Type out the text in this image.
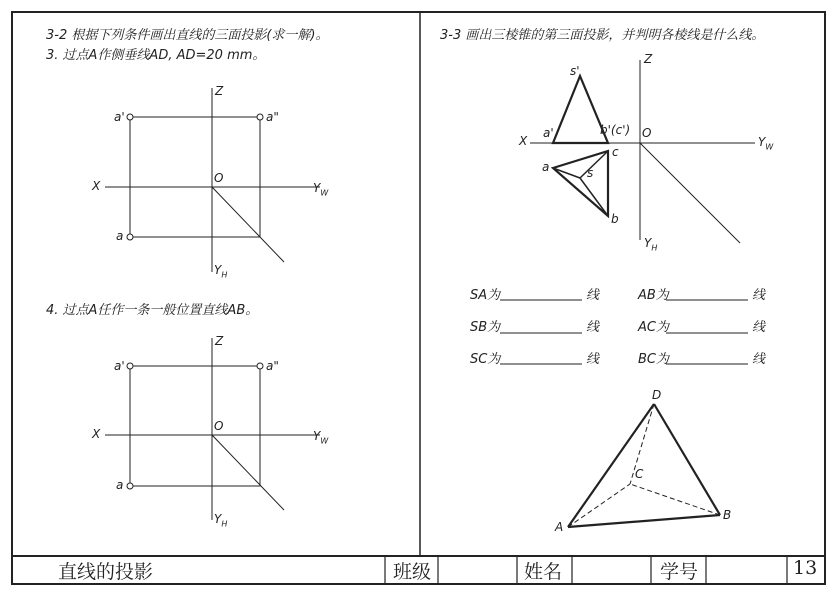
3-2 根据下列条件画出直线的三面投影(求一解)。
3. 过点A作侧垂线AD, AD=20 mm。
4. 过点A任作一条一般位置直线AB。
Z
a'	a"
X
O
$Y_W$
a
$Y_H$
Z
a'	a"
X
O
$Y_W$
a
$Y_H$
3-3 画出三棱锥的第三面投影，并判明各棱线是什么线。
Z
s'
X
a'	b'(c') O
$Y_W$
c
a	s
b
$Y_H$
SA为	线	AB为	线
SB为	线	AC为	线
SC为	线	BC为	线
D
C
A
B
直线的投影	班级	姓名	学号	13
